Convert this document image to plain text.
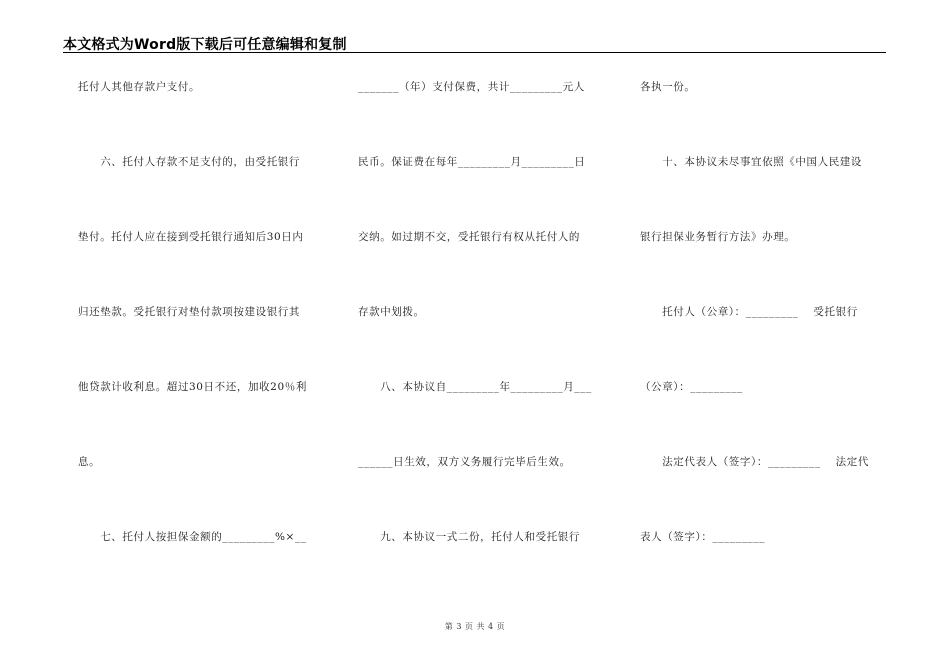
本文格式为Word版下载后可任意编辑和复制
托付人其他存款户支付。
　　六、托付人存款不足支付的，由受托银行
垫付。托付人应在接到受托银行通知后30日内
归还垫款。受托银行对垫付款项按建设银行其
他贷款计收利息。超过30日不还，加收20％利
息。
　　七、托付人按担保金额的_________%×__
_______（年）支付保费，共计_________元人
民币。保证费在每年_________月_________日
交纳。如过期不交，受托银行有权从托付人的
存款中划拨。
　　八、本协议自_________年_________月___
______日生效，双方义务履行完毕后生效。
　　九、本协议一式二份，托付人和受托银行
各执一份。
　　十、本协议未尽事宜依照《中国人民建设
银行担保业务暂行方法》办理。
　　托付人（公章）：_________　 受托银行
（公章）：_________
　　法定代表人（签字）：_________　 法定代
表人（签字）：_________
第 3 页 共 4 页
